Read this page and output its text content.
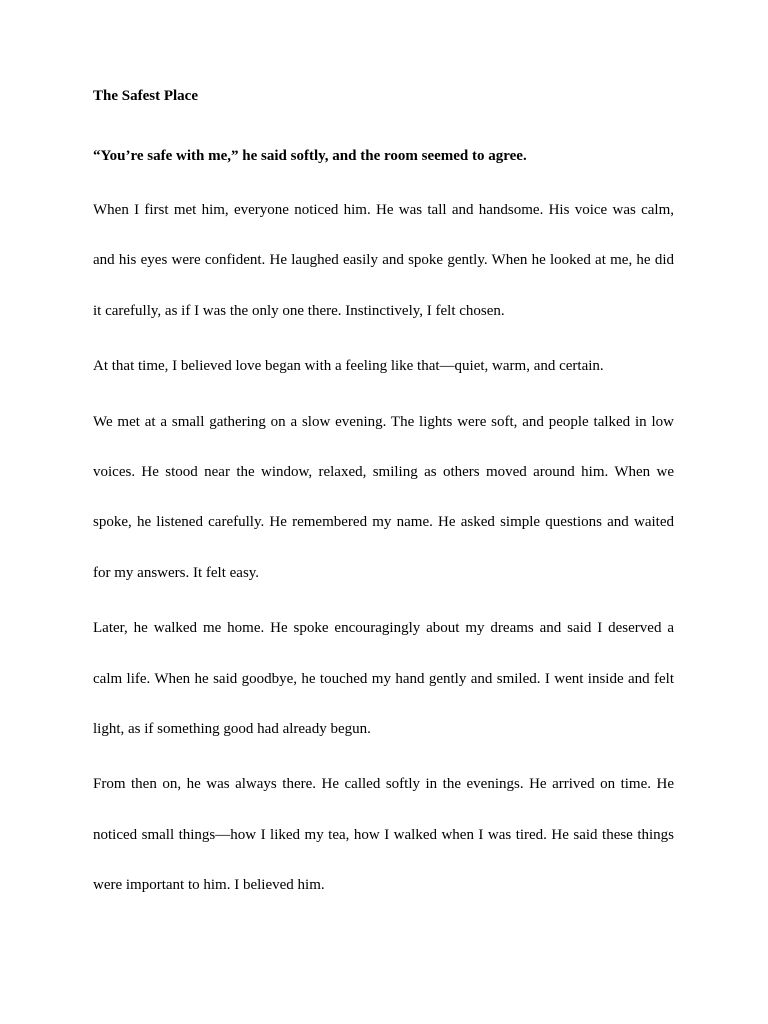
The Safest Place

“You’re safe with me,” he said softly, and the room seemed to agree.

When I first met him, everyone noticed him. He was tall and handsome. His voice was calm, and his eyes were confident. He laughed easily and spoke gently. When he looked at me, he did it carefully, as if I was the only one there. Instinctively, I felt chosen.

At that time, I believed love began with a feeling like that—quiet, warm, and certain.

We met at a small gathering on a slow evening. The lights were soft, and people talked in low voices. He stood near the window, relaxed, smiling as others moved around him. When we spoke, he listened carefully. He remembered my name. He asked simple questions and waited for my answers. It felt easy.

Later, he walked me home. He spoke encouragingly about my dreams and said I deserved a calm life. When he said goodbye, he touched my hand gently and smiled. I went inside and felt light, as if something good had already begun.

From then on, he was always there. He called softly in the evenings. He arrived on time. He noticed small things—how I liked my tea, how I walked when I was tired. He said these things were important to him. I believed him.
